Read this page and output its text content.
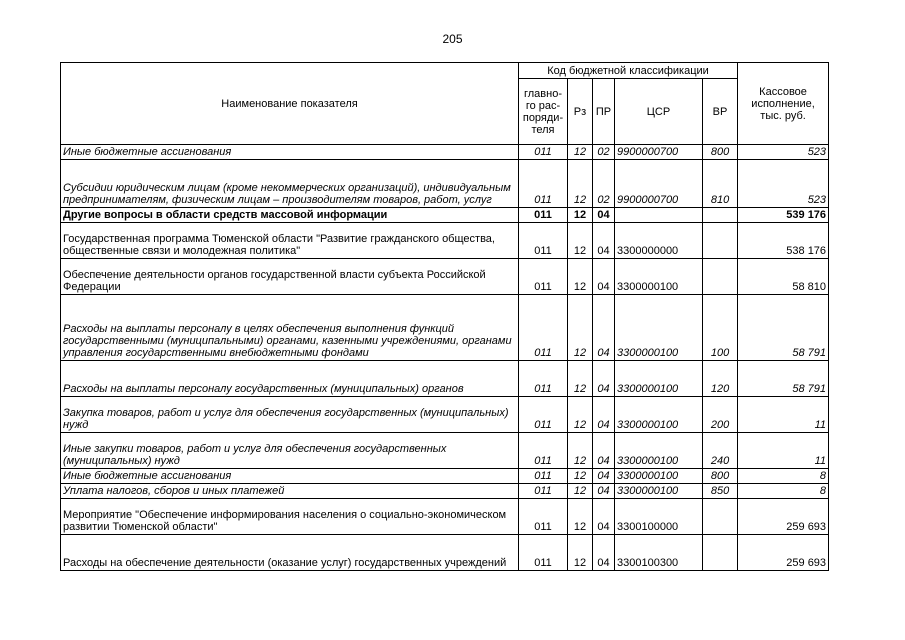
205
Наименование показателя	Код бюджетной классификации					Кассовое
исполнение,
тыс. руб.

	главно-
го рас-
поряди-
теля	Рз	ПР	ЦСР	ВР	
Иные бюджетные ассигнования	011	12	02	9900000700	800	523
Субсидии юридическим лицам (кроме некоммерческих организаций), индивидуальным предпринимателям, физическим лицам – производителям товаров, работ, услуг	011	12	02	9900000700	810	523
Другие вопросы в области средств массовой информации	011	12	04			539 176
Государственная программа Тюменской области "Развитие гражданского общества, общественные связи и молодежная политика"	011	12	04	3300000000		538 176
Обеспечение деятельности органов государственной власти субъекта Российской Федерации	011	12	04	3300000100		58 810
Расходы на выплаты персоналу в целях обеспечения выполнения функций государственными (муниципальными) органами, казенными учреждениями, органами управления государственными внебюджетными фондами	011	12	04	3300000100	100	58 791
Расходы на выплаты персоналу государственных (муниципальных) органов	011	12	04	3300000100	120	58 791
Закупка товаров, работ и услуг для обеспечения государственных (муниципальных) нужд	011	12	04	3300000100	200	11
Иные закупки товаров, работ и услуг для обеспечения государственных (муниципальных) нужд	011	12	04	3300000100	240	11
Иные бюджетные ассигнования	011	12	04	3300000100	800	8
Уплата налогов, сборов и иных платежей	011	12	04	3300000100	850	8
Мероприятие "Обеспечение информирования населения о социально-экономическом развитии Тюменской области"	011	12	04	3300100000		259 693
Расходы на обеспечение деятельности (оказание услуг) государственных учреждений	011	12	04	3300100300		259 693
